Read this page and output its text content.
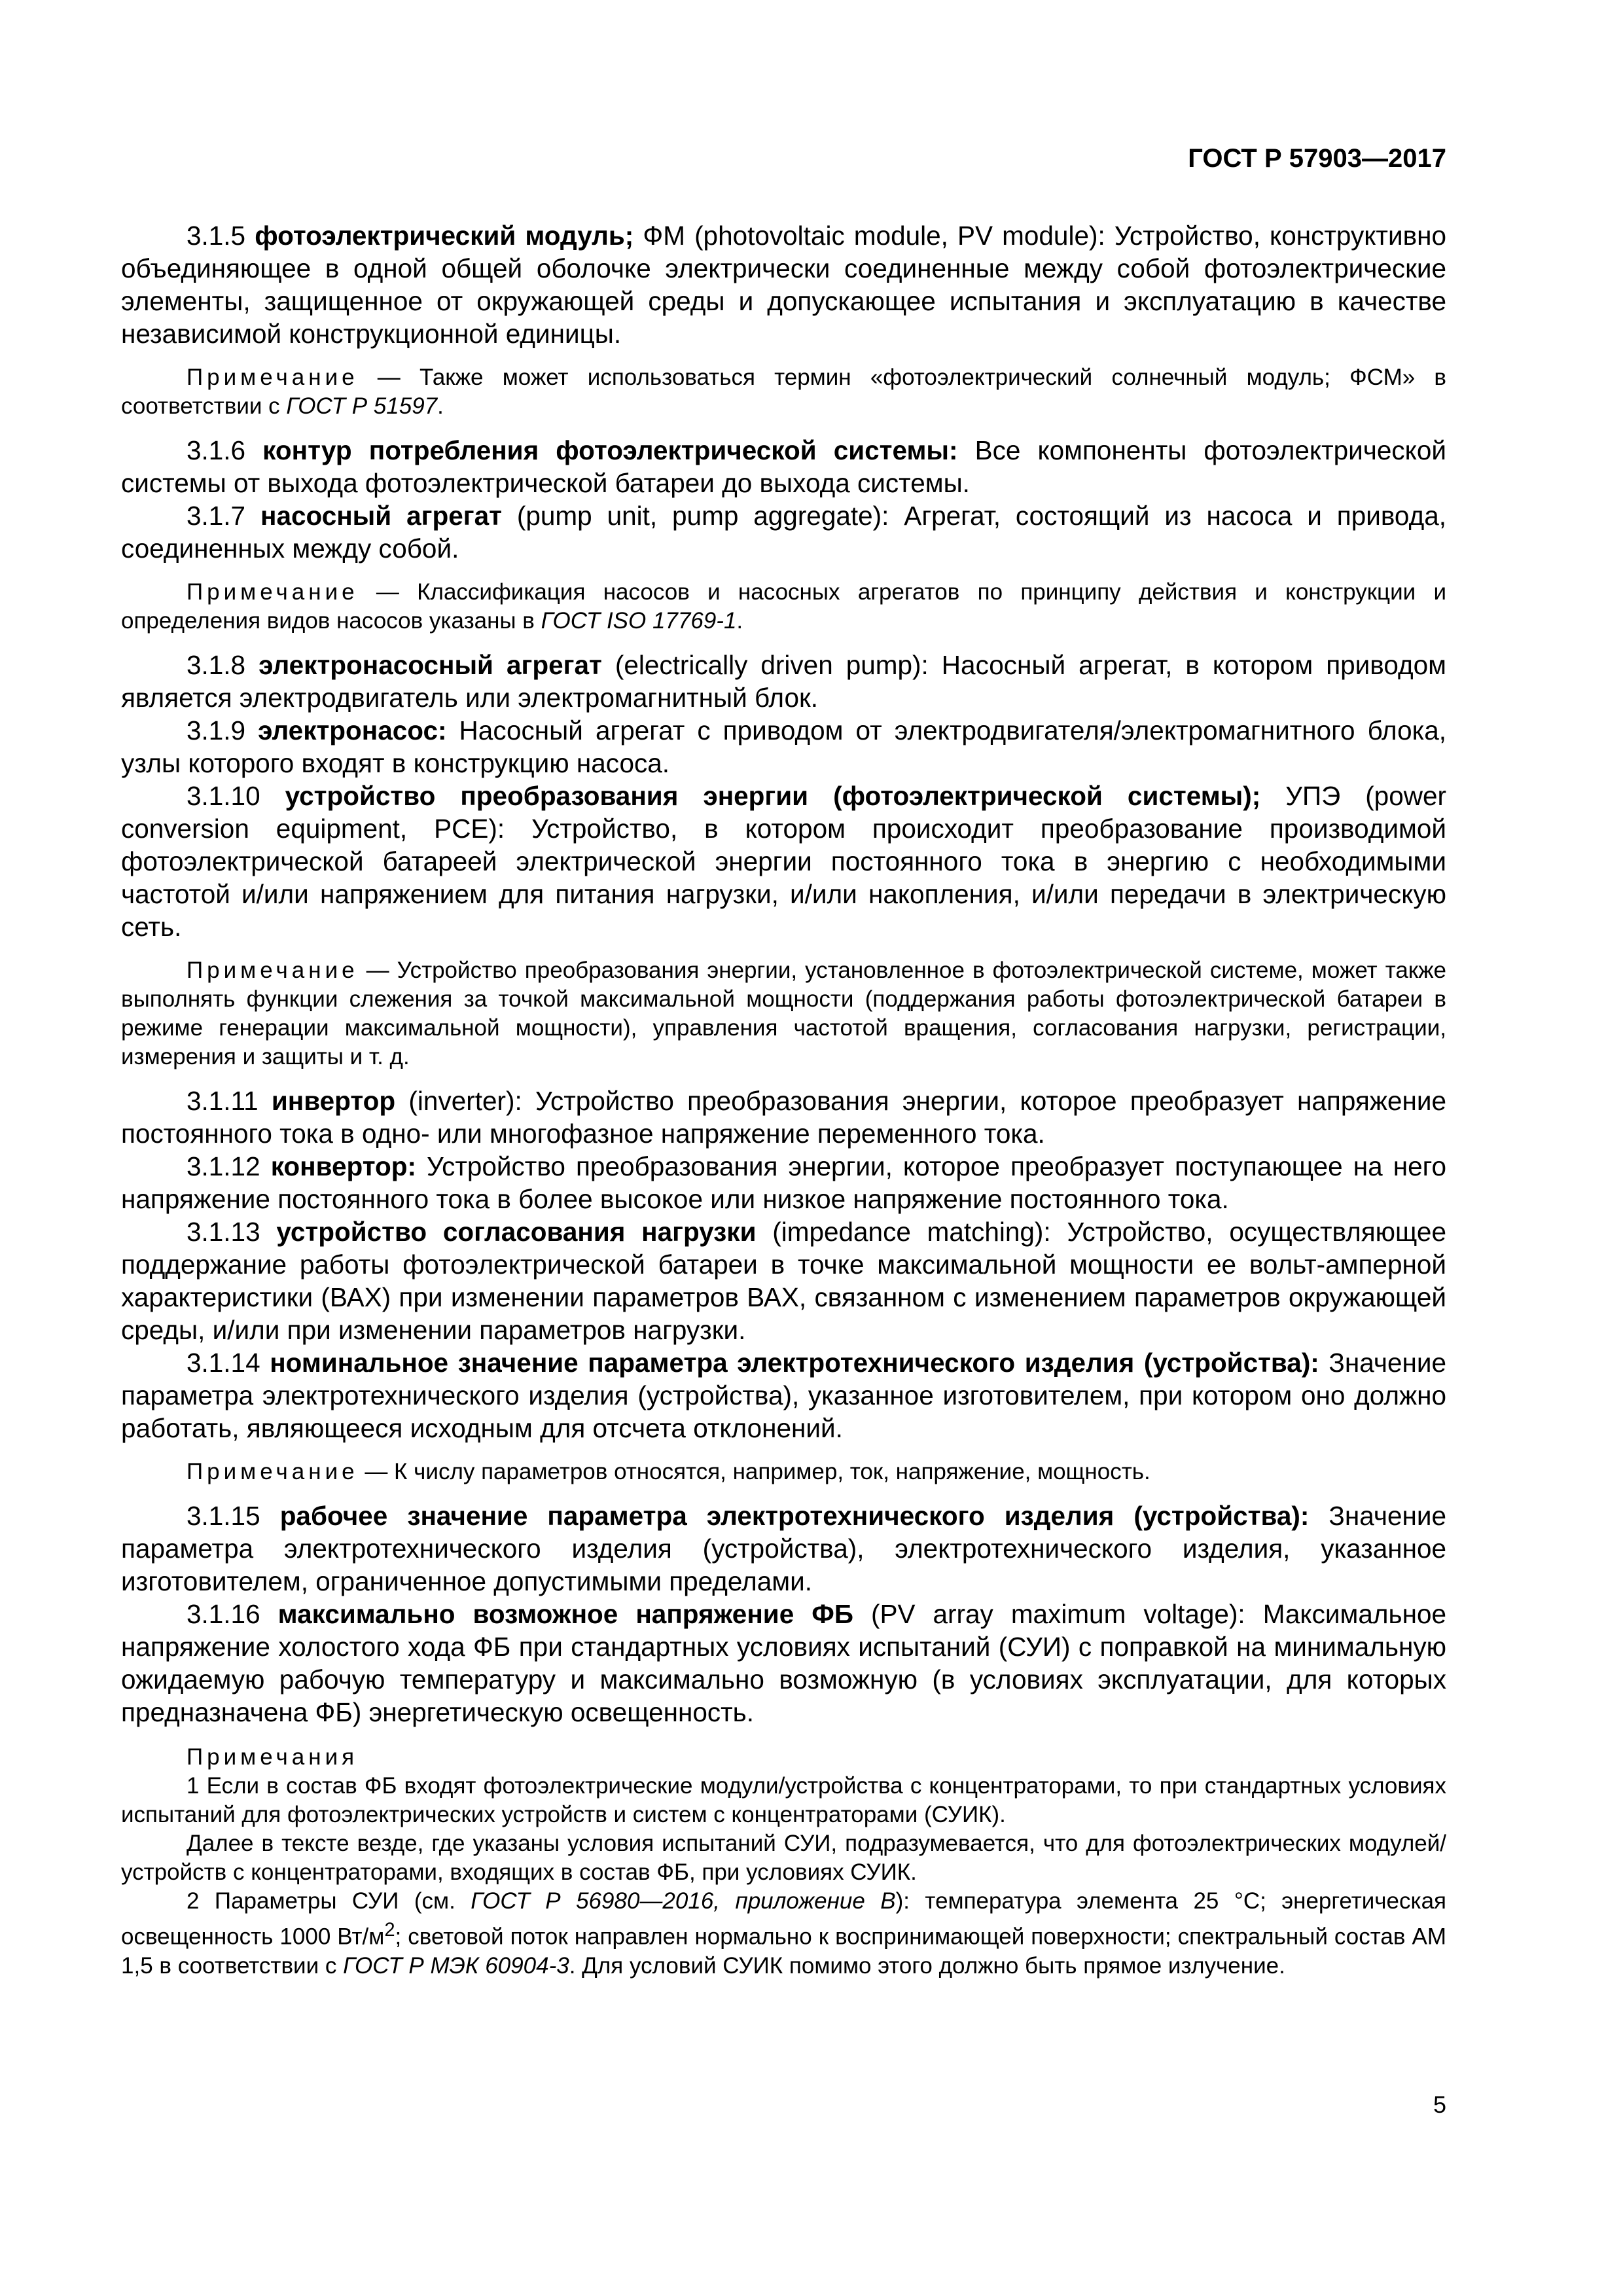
ГОСТ Р 57903—2017

3.1.5 фотоэлектрический модуль; ФМ (photovoltaic module, PV module): Устройство, конструктивно объединяющее в одной общей оболочке электрически соединенные между собой фотоэлектрические элементы, защищенное от окружающей среды и допускающее испытания и эксплуатацию в качестве независимой конструкционной единицы.

Примечание — Также может использоваться термин «фотоэлектрический солнечный модуль; ФСМ» в соответствии с ГОСТ Р 51597.

3.1.6 контур потребления фотоэлектрической системы: Все компоненты фотоэлектрической системы от выхода фотоэлектрической батареи до выхода системы.

3.1.7 насосный агрегат (pump unit, pump aggregate): Агрегат, состоящий из насоса и привода, соединенных между собой.

Примечание — Классификация насосов и насосных агрегатов по принципу действия и конструкции и определения видов насосов указаны в ГОСТ ISO 17769-1.

3.1.8 электронасосный агрегат (electrically driven pump): Насосный агрегат, в котором приводом является электродвигатель или электромагнитный блок.

3.1.9 электронасос: Насосный агрегат с приводом от электродвигателя/электромагнитного блока, узлы которого входят в конструкцию насоса.

3.1.10 устройство преобразования энергии (фотоэлектрической системы); УПЭ (power conversion equipment, PCE): Устройство, в котором происходит преобразование производимой фотоэлектрической батареей электрической энергии постоянного тока в энергию с необходимыми частотой и/или напряжением для питания нагрузки, и/или накопления, и/или передачи в электрическую сеть.

Примечание — Устройство преобразования энергии, установленное в фотоэлектрической системе, может также выполнять функции слежения за точкой максимальной мощности (поддержания работы фотоэлектрической батареи в режиме генерации максимальной мощности), управления частотой вращения, согласования нагрузки, регистрации, измерения и защиты и т. д.

3.1.11 инвертор (inverter): Устройство преобразования энергии, которое преобразует напряжение постоянного тока в одно- или многофазное напряжение переменного тока.

3.1.12 конвертор: Устройство преобразования энергии, которое преобразует поступающее на него напряжение постоянного тока в более высокое или низкое напряжение постоянного тока.

3.1.13 устройство согласования нагрузки (impedance matching): Устройство, осуществляющее поддержание работы фотоэлектрической батареи в точке максимальной мощности ее вольт-амперной характеристики (ВАХ) при изменении параметров ВАХ, связанном с изменением параметров окружающей среды, и/или при изменении параметров нагрузки.

3.1.14 номинальное значение параметра электротехнического изделия (устройства): Значение параметра электротехнического изделия (устройства), указанное изготовителем, при котором оно должно работать, являющееся исходным для отсчета отклонений.

Примечание — К числу параметров относятся, например, ток, напряжение, мощность.

3.1.15 рабочее значение параметра электротехнического изделия (устройства): Значение параметра электротехнического изделия (устройства), электротехнического изделия, указанное изготовителем, ограниченное допустимыми пределами.

3.1.16 максимально возможное напряжение ФБ (PV array maximum voltage): Максимальное напряжение холостого хода ФБ при стандартных условиях испытаний (СУИ) с поправкой на минимальную ожидаемую рабочую температуру и максимально возможную (в условиях эксплуатации, для которых предназначена ФБ) энергетическую освещенность.

Примечания

1 Если в состав ФБ входят фотоэлектрические модули/устройства с концентраторами, то при стандартных условиях испытаний для фотоэлектрических устройств и систем с концентраторами (СУИК).

Далее в тексте везде, где указаны условия испытаний СУИ, подразумевается, что для фотоэлектрических модулей/устройств с концентраторами, входящих в состав ФБ, при условиях СУИК.

2 Параметры СУИ (см. ГОСТ Р 56980—2016, приложение В): температура элемента 25 °С; энергетическая освещенность 1000 $Вт/м^2$; световой поток направлен нормально к воспринимающей поверхности; спектральный состав АМ 1,5 в соответствии с ГОСТ Р МЭК 60904-3. Для условий СУИК помимо этого должно быть прямое излучение.

5
